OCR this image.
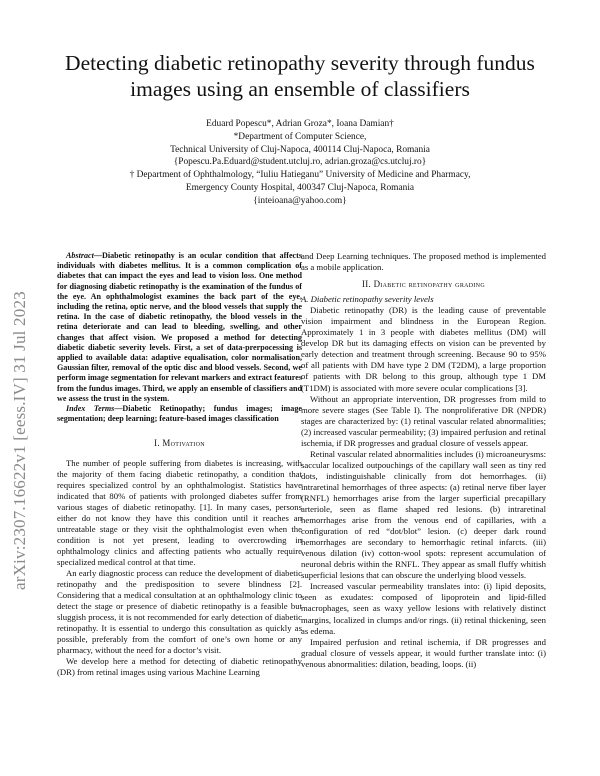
arXiv:2307.16622v1 [eess.IV] 31 Jul 2023
Detecting diabetic retinopathy severity through fundus images using an ensemble of classifiers
Eduard Popescu*, Adrian Groza*, Ioana Damian†
*Department of Computer Science,
Technical University of Cluj-Napoca, 400114 Cluj-Napoca, Romania
{Popescu.Pa.Eduard@student.utcluj.ro, adrian.groza@cs.utcluj.ro}
† Department of Ophthalmology, “Iuliu Hatieganu” University of Medicine and Pharmacy,
Emergency County Hospital, 400347 Cluj-Napoca, Romania
{inteioana@yahoo.com}

Abstract—Diabetic retinopathy is an ocular condition that affects individuals with diabetes mellitus. It is a common complication of diabetes that can impact the eyes and lead to vision loss. One method for diagnosing diabetic retinopathy is the examination of the fundus of the eye. An ophthalmologist examines the back part of the eye, including the retina, optic nerve, and the blood vessels that supply the retina. In the case of diabetic retinopathy, the blood vessels in the retina deteriorate and can lead to bleeding, swelling, and other changes that affect vision. We proposed a method for detecting diabetic diabetic severity levels. First, a set of data-prerpocessing is applied to available data: adaptive equalisation, color normalisation, Gaussian filter, removal of the optic disc and blood vessels. Second, we perform image segmentation for relevant markers and extract features from the fundus images. Third, we apply an ensemble of classifiers and we assess the trust in the system.

Index Terms—Diabetic Retinopathy; fundus images; image segmentation; deep learning; feature-based images classification

I. Motivation

The number of people suffering from diabetes is increasing, with the majority of them facing diabetic retinopathy, a condition that requires specialized control by an ophthalmologist. Statistics have indicated that 80% of patients with prolonged diabetes suffer from various stages of diabetic retinopathy. [1]. In many cases, persons either do not know they have this condition until it reaches an untreatable stage or they visit the ophthalmologist even when the condition is not yet present, leading to overcrowding in ophthalmology clinics and affecting patients who actually require specialized medical control at that time.

An early diagnostic process can reduce the development of diabetic retinopathy and the predisposition to severe blindness [2]. Considering that a medical consultation at an ophthalmology clinic to detect the stage or presence of diabetic retinopathy is a feasible but sluggish process, it is not recommended for early detection of diabetic retinopathy. It is essential to undergo this consultation as quickly as possible, preferably from the comfort of one’s own home or any pharmacy, without the need for a doctor’s visit.

We develop here a method for detecting of diabetic retinopathy (DR) from retinal images using various Machine Learning

and Deep Learning techniques. The proposed method is implemented as a mobile application.

II. Diabetic retinopathy grading

A. Diabetic retinopathy severity levels

Diabetic retinopathy (DR) is the leading cause of preventable vision impairment and blindness in the European Region. Approximately 1 in 3 people with diabetes mellitus (DM) will develop DR but its damaging effects on vision can be prevented by early detection and treatment through screening. Because 90 to 95% of all patients with DM have type 2 DM (T2DM), a large proportion of patients with DR belong to this group, although type 1 DM (T1DM) is associated with more severe ocular complications [3].

Without an appropriate intervention, DR progresses from mild to more severe stages (See Table I). The nonproliferative DR (NPDR) stages are characterized by: (1) retinal vascular related abnormalities; (2) increased vascular permeability; (3) impaired perfusion and retinal ischemia, if DR progresses and gradual closure of vessels appear.

Retinal vascular related abnormalities includes (i) microaneurysms: saccular localized outpouchings of the capillary wall seen as tiny red dots, indistinguishable clinically from dot hemorrhages. (ii) intraretinal hemorrhages of three aspects: (a) retinal nerve fiber layer (RNFL) hemorrhages arise from the larger superficial precapillary arteriole, seen as flame shaped red lesions. (b) intraretinal hemorrhages arise from the venous end of capillaries, with a configuration of red “dot/blot” lesion. (c) deeper dark round hemorrhages are secondary to hemorrhagic retinal infarcts. (iii) venous dilation (iv) cotton-wool spots: represent accumulation of neuronal debris within the RNFL. They appear as small fluffy whitish superficial lesions that can obscure the underlying blood vessels.

Increased vascular permeability translates into: (i) lipid deposits, seen as exudates: composed of lipoprotein and lipid-filled macrophages, seen as waxy yellow lesions with relatively distinct margins, localized in clumps and/or rings. (ii) retinal thickening, seen as edema.

Impaired perfusion and retinal ischemia, if DR progresses and gradual closure of vessels appear, it would further translate into: (i) venous abnormalities: dilation, beading, loops. (ii)
